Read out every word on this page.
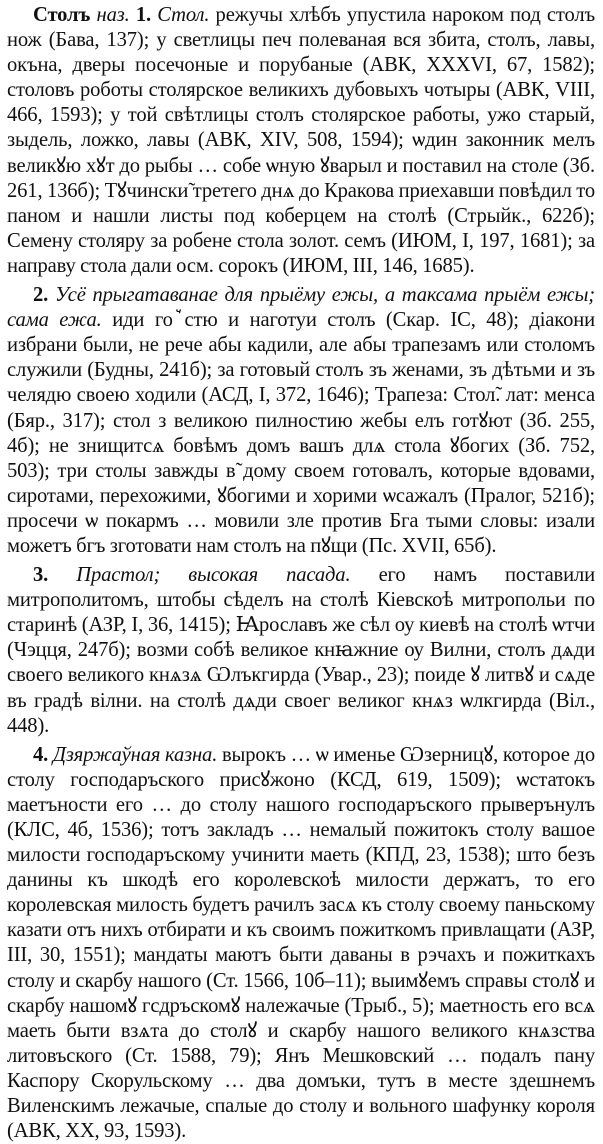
Столъ наз. 1. Стол. режучы хлѣбъ упустила нароком под столъ нож (Бава, 137); у светлицы печ полеваная вся збита, столъ, лавы, окъна, дверы посечоные и порубаные (АВК, XXXVI, 67, 1582); столовъ роботы столярское великихъ дубовыхъ чотыры (АВК, VIII, 466, 1593); у той свѣтлицы столъ столярское работы, ужо старый, зыдель, ложко, лавы (АВК, XIV, 508, 1594); ѡдин законник мелъ великꙋю хꙋт до рыбы … собе ѡную ꙋварыл и поставил на столе (Зб. 261, 136б); Тꙋчински̃ третего днѧ до Кракова приехавши повѣдил то паном и нашли листы под коберцем на столѣ (Стрыйк., 622б); Семену столяру за робене стола золот. семъ (ИЮМ, I, 197, 1681); за направу стола дали осм. сорокъ (ИЮМ, III, 146, 1685).

2. Усё прыгатаванае для прыёму ежы, а таксама прыём ежы; сама ежа. иди гоꙿстю и наготуи столъ (Скар. IC, 48); діакони избрани были, не рече абы кадили, але абы трапезамъ или столомъ служили (Будны, 241б); за готовый столъ зъ женами, зъ дѣтьми и зъ челядю своею ходили (АСД, I, 372, 1646); Трапеза: Стол̃. лат: менса (Бяр., 317); стол з великою пилностию жебы елъ готꙋют (Зб. 255, 4б); не знищитсѧ бовѣмъ домъ вашъ длѧ стола ꙋбогих (Зб. 752, 503); три столы завжды в̃ дому своем готовалъ, которые вдовами, сиротами, перехожими, ꙋбогими и хорими ѡсажалъ (Пралог, 521б); просечи ѡ покармъ … мовили зле против Бга тыми словы: изали можетъ бгъ зготовати нам столъ на пꙋщи (Пс. XVII, 65б).

3. Прастол; высокая пасада. его намъ поставили митрополитомъ, штобы сѣделъ на столѣ Кіевскоѣ митропольи по старинѣ (АЗР, I, 36, 1415); Ꙗрославъ же сѣл оу киевѣ на столѣ ѡтчи (Чэцця, 247б); возми собѣ великое кнꙗжние оу Вилни, столъ дѧди своего великого кнѧзѧ Ѡлъкгирда (Увар., 23); поиде ꙋ литвꙋ и сѧде въ градѣ вілни. на столѣ дѧди своег великог кнѧз ѡлкгирда (Віл., 448).

4. Дзяржаўная казна. вырокъ … ѡ именье Ѡзерницꙋ, которое до столу господаръского присꙋжоно (КСД, 619, 1509); ѡстатокъ маетъности его … до столу нашого господаръского прыверънулъ (КЛС, 4б, 1536); тотъ закладъ … немалый пожитокъ столу вашое милости господаръскому учинити маеть (КПД, 23, 1538); што безъ данины къ шкодѣ его королевскоѣ милости держатъ, то его королевская милость будетъ рачилъ засѧ къ столу своему паньскому казати отъ нихъ отбирати и къ своимъ пожиткомъ привлащати (АЗР, III, 30, 1551); мандаты маютъ быти даваны в рэчахъ и пожиткахъ столу и скарбу нашого (Ст. 1566, 10б–11); выимꙋемъ справы столꙋ и скарбу нашомꙋ гсдръскомꙋ належачые (Трыб., 5); маетность его всѧ маеть быти взѧта до столꙋ и скарбу нашого великого кнѧзства литовъского (Ст. 1588, 79); Янъ Мешковский … подалъ пану Каспору Скорульскому … два домъки, тутъ в месте здешнемъ Виленскимъ лежачые, спалые до столу и вольного шафунку короля (АВК, XX, 93, 1593).
